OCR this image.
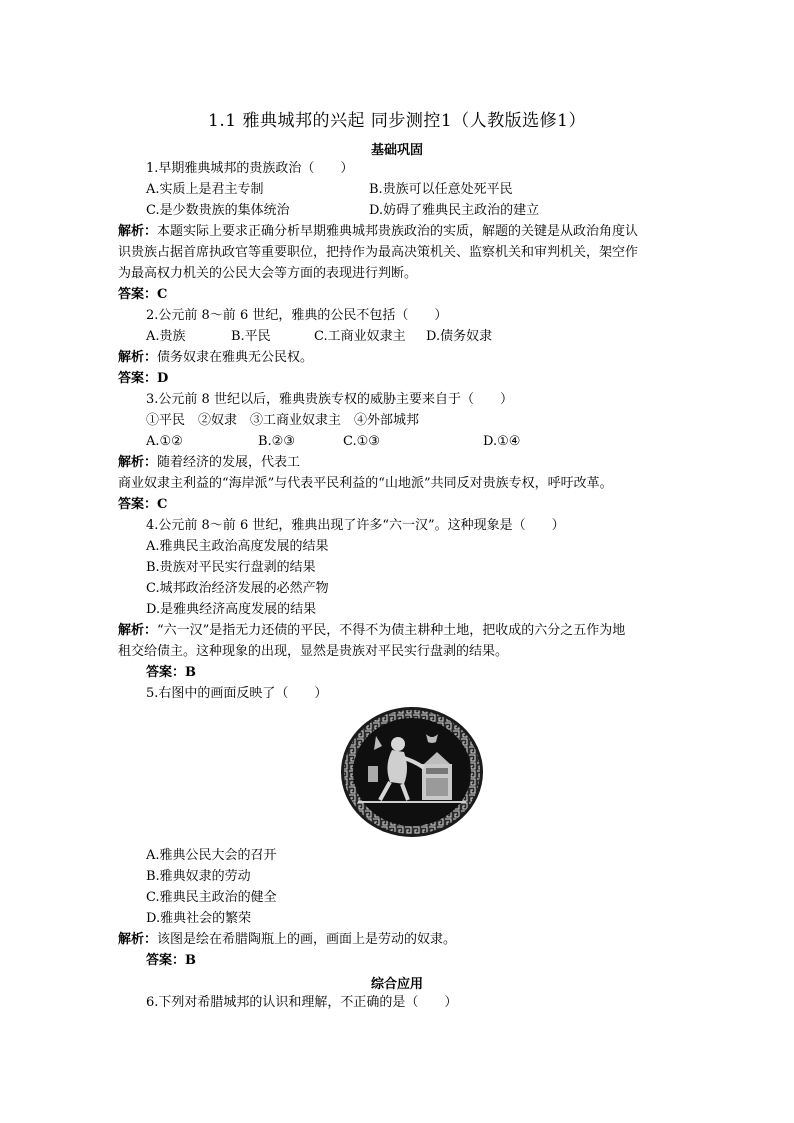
1.1 雅典城邦的兴起 同步测控1（人教版选修1）
基础巩固
1.早期雅典城邦的贵族政治（　　）
A.实质上是君主专制	B.贵族可以任意处死平民
C.是少数贵族的集体统治	D.妨碍了雅典民主政治的建立
解析：本题实际上要求正确分析早期雅典城邦贵族政治的实质，解题的关键是从政治角度认
识贵族占据首席执政官等重要职位，把持作为最高决策机关、监察机关和审判机关，架空作
为最高权力机关的公民大会等方面的表现进行判断。
答案：C
2.公元前 8～前 6 世纪，雅典的公民不包括（　　）
A.贵族	B.平民	C.工商业奴隶主 D.债务奴隶
解析：债务奴隶在雅典无公民权。
答案：D
3.公元前 8 世纪以后，雅典贵族专权的威胁主要来自于（　　）
①平民　②奴隶　③工商业奴隶主　④外部城邦
A.①②	B.②③	C.①③	D.①④
解析：随着经济的发展，代表工
商业奴隶主利益的“海岸派”与代表平民利益的“山地派”共同反对贵族专权，呼吁改革。
答案：C
4.公元前 8～前 6 世纪，雅典出现了许多“六一汉”。这种现象是（　　）
A.雅典民主政治高度发展的结果
B.贵族对平民实行盘剥的结果
C.城邦政治经济发展的必然产物
D.是雅典经济高度发展的结果
解析：“六一汉”是指无力还债的平民，不得不为债主耕种土地，把收成的六分之五作为地
租交给债主。这种现象的出现，显然是贵族对平民实行盘剥的结果。
答案：B
5.右图中的画面反映了（　　）
A.雅典公民大会的召开
B.雅典奴隶的劳动
C.雅典民主政治的健全
D.雅典社会的繁荣
解析：该图是绘在希腊陶瓶上的画，画面上是劳动的奴隶。
答案：B
综合应用
6.下列对希腊城邦的认识和理解，不正确的是（　　）
